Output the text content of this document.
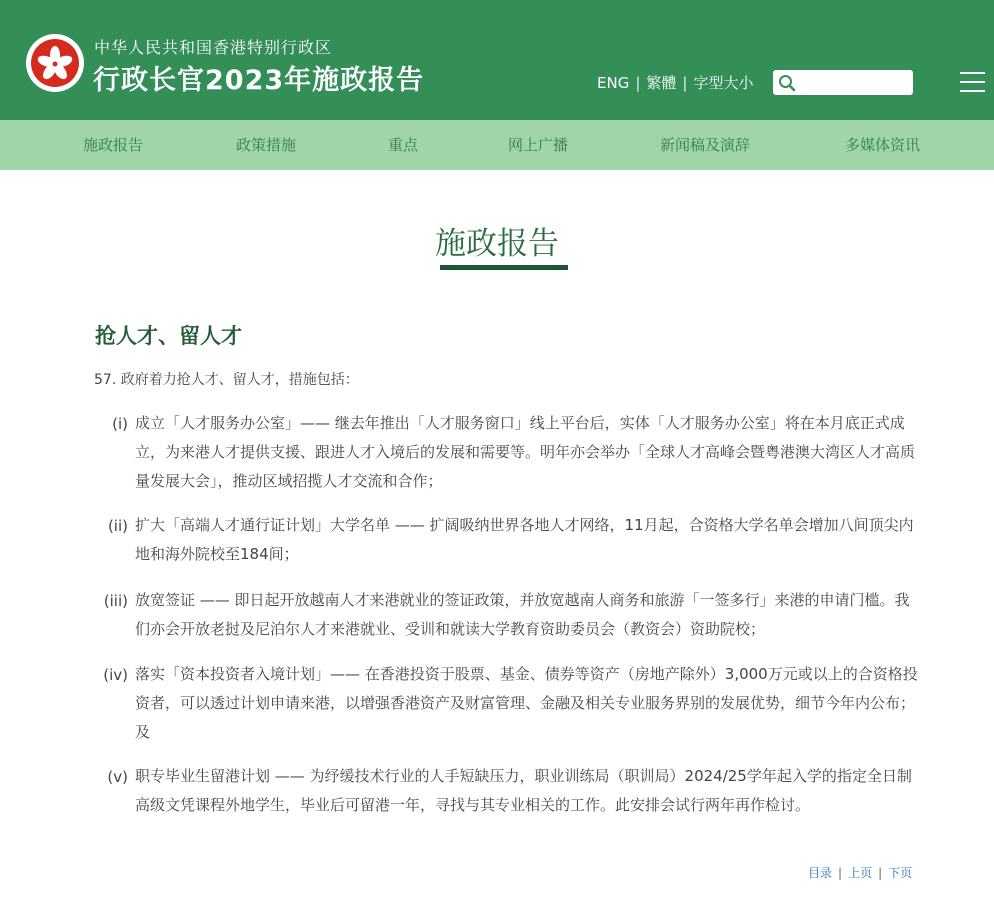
中华人民共和国香港特别行政区
行政长官2023年施政报告	ENG | 繁體 | 字型大小
施政报告	政策措施	重点	网上广播	新闻稿及演辞	多媒体资讯
施政报告
抢人才、留人才
57. 政府着力抢人才、留人才，措施包括：
(i) 成立「人才服务办公室」—— 继去年推出「人才服务窗口」线上平台后，实体「人才服务办公室」将在本月底正式成立，为来港人才提供支援、跟进人才入境后的发展和需要等。明年亦会举办「全球人才高峰会暨粤港澳大湾区人才高质量发展大会」，推动区域招揽人才交流和合作；
(ii) 扩大「高端人才通行证计划」大学名单 —— 扩阔吸纳世界各地人才网络，11月起，合资格大学名单会增加八间顶尖内地和海外院校至184间；
(iii) 放宽签证 —— 即日起开放越南人才来港就业的签证政策，并放宽越南人商务和旅游「一签多行」来港的申请门槛。我们亦会开放老挝及尼泊尔人才来港就业、受训和就读大学教育资助委员会（教资会）资助院校；
(iv) 落实「资本投资者入境计划」—— 在香港投资于股票、基金、债券等资产（房地产除外）3,000万元或以上的合资格投资者，可以透过计划申请来港，以增强香港资产及财富管理、金融及相关专业服务界别的发展优势，细节今年内公布；及
(v) 职专毕业生留港计划 —— 为纾缓技术行业的人手短缺压力，职业训练局（职训局）2024/25学年起入学的指定全日制高级文凭课程外地学生，毕业后可留港一年，寻找与其专业相关的工作。此安排会试行两年再作检讨。
目录 | 上页 | 下页
